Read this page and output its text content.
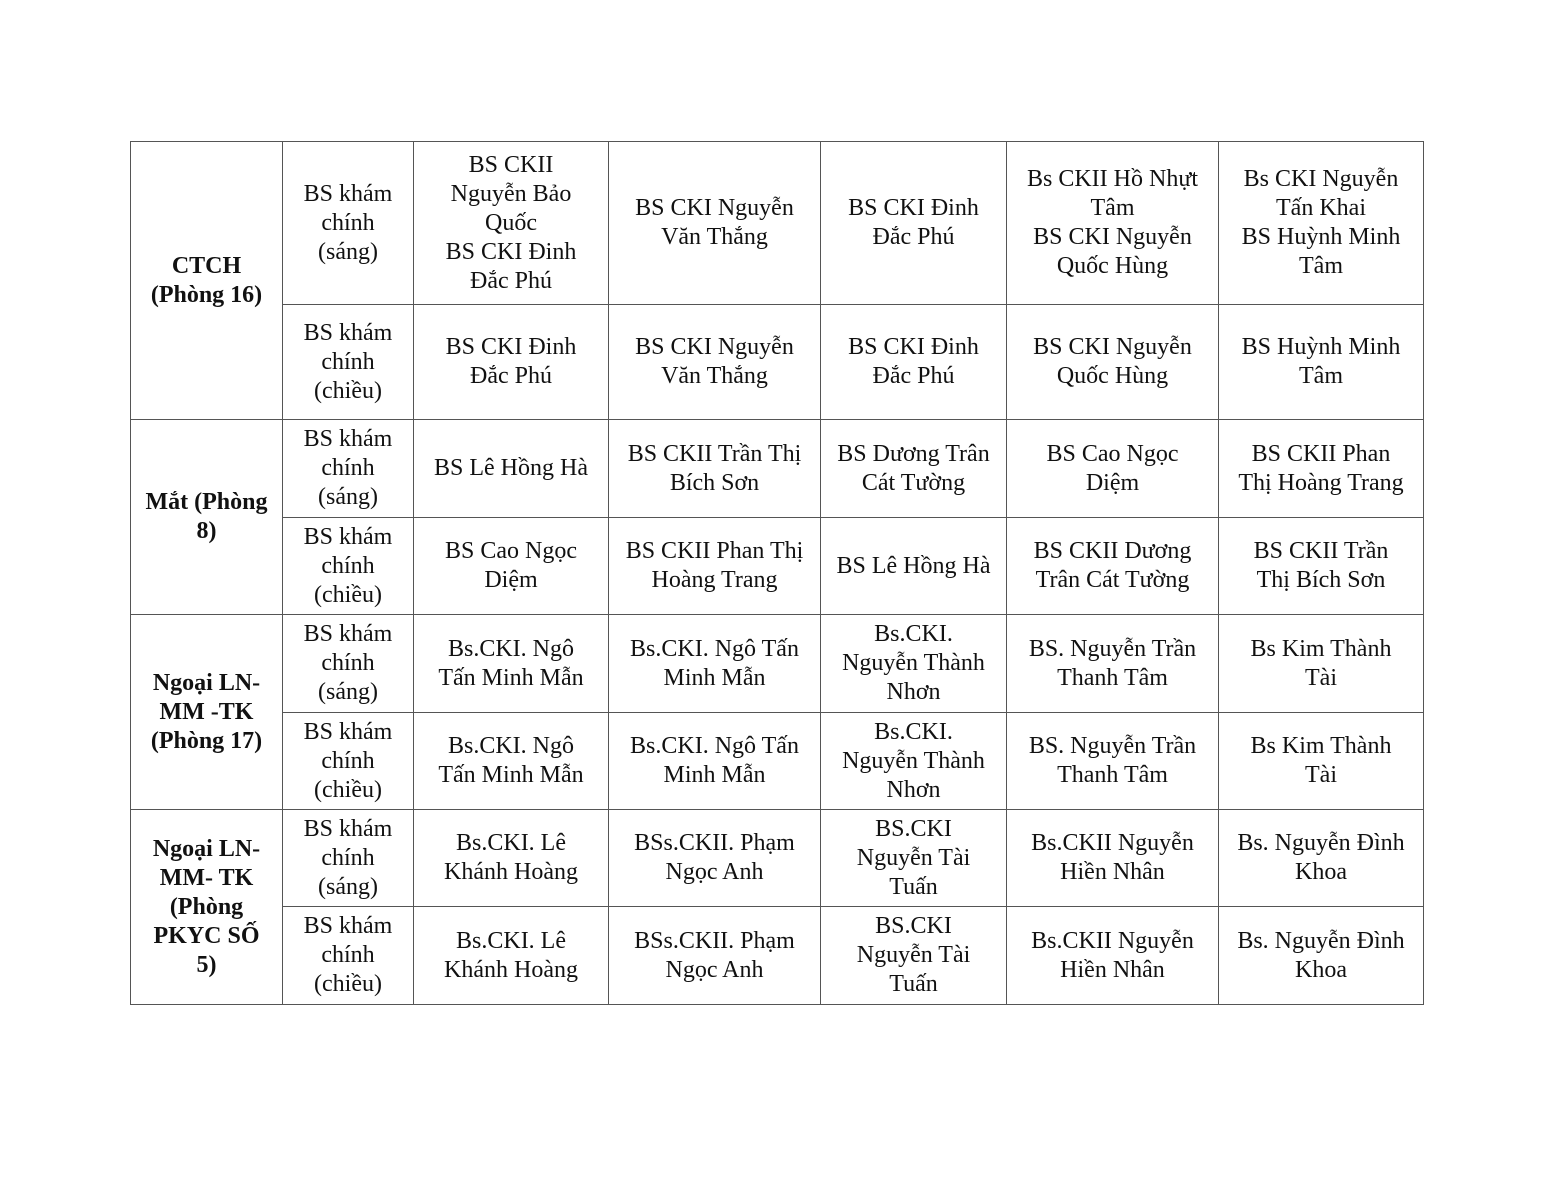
CTCH
(Phòng 16)	BS khám
chính
(sáng)	BS CKII
Nguyễn Bảo
Quốc
BS CKI Đinh
Đắc Phú	BS CKI Nguyễn
Văn Thắng	BS CKI Đinh
Đắc Phú	Bs CKII Hồ Nhựt
Tâm
BS CKI Nguyễn
Quốc Hùng	Bs CKI Nguyễn
Tấn Khai
BS Huỳnh Minh
Tâm

	BS khám
chính
(chiều)	BS CKI Đinh
Đắc Phú	BS CKI Nguyễn
Văn Thắng	BS CKI Đinh
Đắc Phú	BS CKI Nguyễn
Quốc Hùng	BS Huỳnh Minh
Tâm

Mắt (Phòng
8)	BS khám
chính
(sáng)	BS Lê Hồng Hà	BS CKII Trần Thị
Bích Sơn	BS Dương Trân
Cát Tường	BS Cao Ngọc
Diệm	BS CKII Phan
Thị Hoàng Trang

	BS khám
chính
(chiều)	BS Cao Ngọc
Diệm	BS CKII Phan Thị
Hoàng Trang	BS Lê Hồng Hà	BS CKII Dương
Trân Cát Tường	BS CKII Trần
Thị Bích Sơn

Ngoại LN-
MM -TK
(Phòng 17)	BS khám
chính
(sáng)	Bs.CKI. Ngô
Tấn Minh Mẫn	Bs.CKI. Ngô Tấn
Minh Mẫn	Bs.CKI.
Nguyễn Thành
Nhơn	BS. Nguyễn Trần
Thanh Tâm	Bs Kim Thành
Tài

	BS khám
chính
(chiều)	Bs.CKI. Ngô
Tấn Minh Mẫn	Bs.CKI. Ngô Tấn
Minh Mẫn	Bs.CKI.
Nguyễn Thành
Nhơn	BS. Nguyễn Trần
Thanh Tâm	Bs Kim Thành
Tài

Ngoại LN-
MM- TK
(Phòng
PKYC SỐ
5)	BS khám
chính
(sáng)	Bs.CKI. Lê
Khánh Hoàng	BSs.CKII. Phạm
Ngọc Anh	BS.CKI
Nguyễn Tài
Tuấn	Bs.CKII Nguyễn
Hiền Nhân	Bs. Nguyễn Đình
Khoa

	BS khám
chính
(chiều)	Bs.CKI. Lê
Khánh Hoàng	BSs.CKII. Phạm
Ngọc Anh	BS.CKI
Nguyễn Tài
Tuấn	Bs.CKII Nguyễn
Hiền Nhân	Bs. Nguyễn Đình
Khoa
